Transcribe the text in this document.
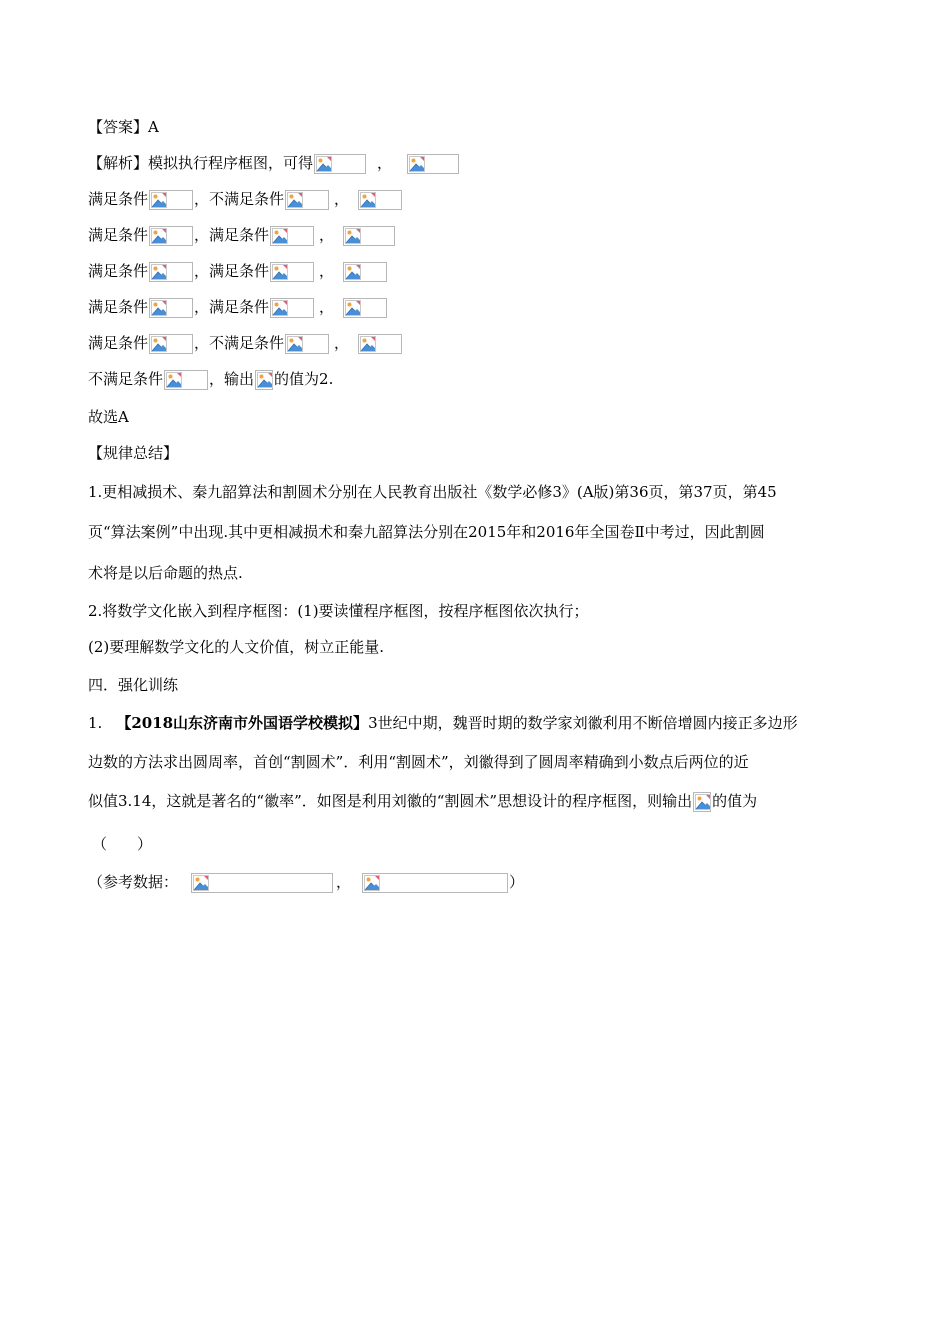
【答案】A
【解析】模拟执行程序框图，可得	，
满足条件	，不满足条件	，
满足条件	，满足条件	，
满足条件	，满足条件	，
满足条件	，满足条件	，
满足条件	，不满足条件	，
不满足条件	，输出 的值为2.
故选A
【规律总结】
1.更相减损术、秦九韶算法和割圆术分别在人民教育出版社《数学必修3》(A版)第36页，第37页，第45
页“算法案例”中出现.其中更相减损术和秦九韶算法分别在2015年和2016年全国卷Ⅱ中考过，因此割圆
术将是以后命题的热点.
2.将数学文化嵌入到程序框图：(1)要读懂程序框图，按程序框图依次执行；
(2)要理解数学文化的人文价值，树立正能量.
四．强化训练
1. 【2018山东济南市外国语学校模拟】3世纪中期，魏晋时期的数学家刘徽利用不断倍增圆内接正多边形
边数的方法求出圆周率，首创“割圆术”．利用“割圆术”，刘徽得到了圆周率精确到小数点后两位的近
似值3.14，这就是著名的“徽率”．如图是利用刘徽的“割圆术”思想设计的程序框图，则输出 的值为
（　　）
（参考数据：	，	）
